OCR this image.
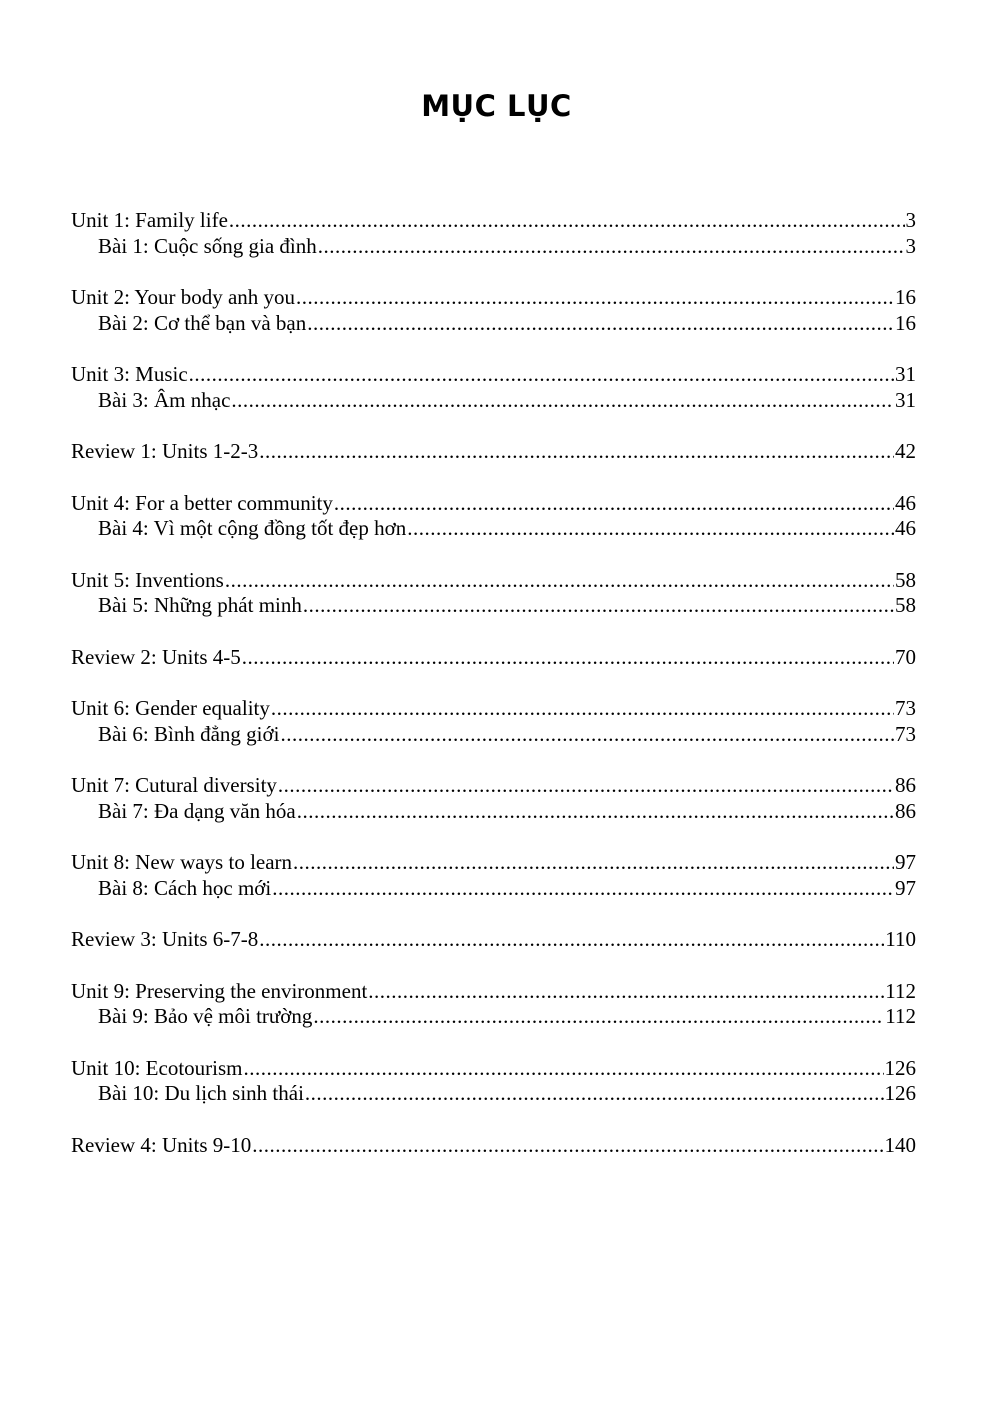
MỤC LỤC
Unit 1: Family life .....	3
Bài 1: Cuộc sống gia đình .....	3
Unit 2: Your body anh you .....	16
Bài 2: Cơ thể bạn và bạn .....	16
Unit 3: Music .....	31
Bài 3: Âm nhạc .....	31
Review 1: Units 1-2-3 .....	42
Unit 4: For a better community .....	46
Bài 4: Vì một cộng đồng tốt đẹp hơn .....	46
Unit 5: Inventions .....	58
Bài 5: Những phát minh .....	58
Review 2: Units 4-5 .....	70
Unit 6: Gender equality .....	73
Bài 6: Bình đẳng giới .....	73
Unit 7: Cutural diversity .....	86
Bài 7: Đa dạng văn hóa .....	86
Unit 8: New ways to learn .....	97
Bài 8: Cách học mới .....	97
Review 3: Units 6-7-8 .....	110
Unit 9: Preserving the environment .....	112
Bài 9: Bảo vệ môi trường .....	112
Unit 10: Ecotourism .....	126
Bài 10: Du lịch sinh thái .....	126
Review 4: Units 9-10 .....	140
